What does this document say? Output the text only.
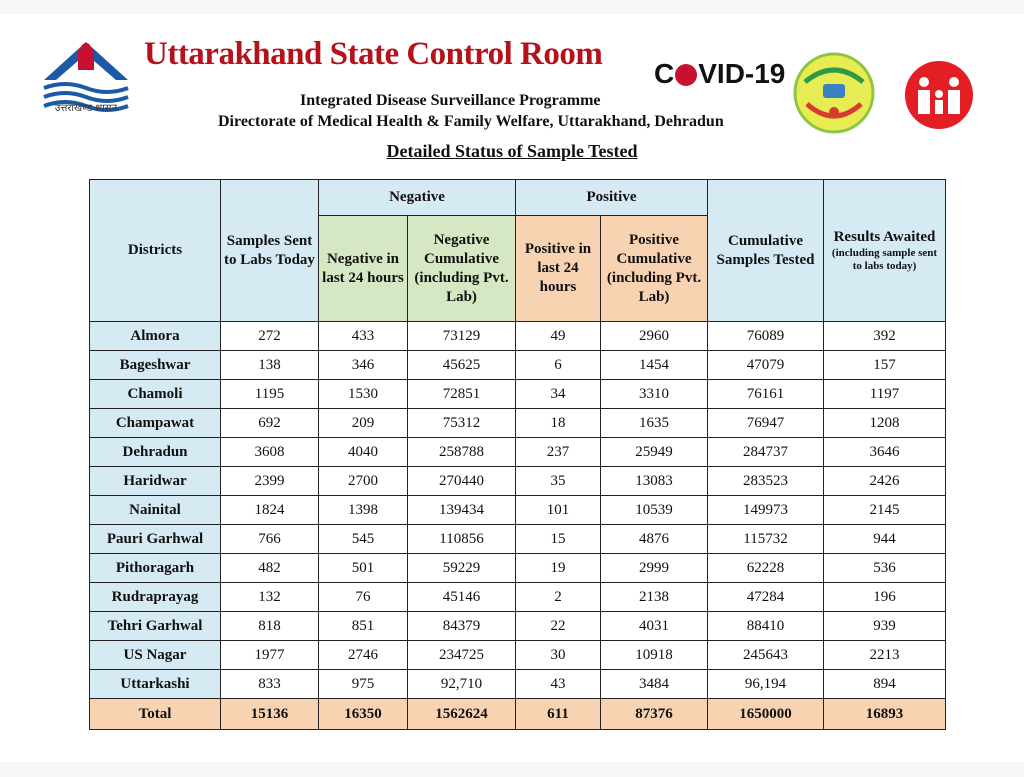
Uttarakhand State Control Room
C VID-19
Integrated Disease Surveillance Programme
Directorate of Medical Health & Family Welfare, Uttarakhand, Dehradun
उत्तराखण्ड शासन
Detailed Status of Sample Tested
Districts	Samples Sent to Labs Today	Negative		Positive		Cumulative Samples Tested	Results Awaited
(including sample sent to labs today)

		Negative in last 24 hours	Negative Cumulative (including Pvt. Lab)	Positive in last 24 hours	Positive Cumulative (including Pvt. Lab)		
Almora	272	433	73129	49	2960	76089	392
Bageshwar	138	346	45625	6	1454	47079	157
Chamoli	1195	1530	72851	34	3310	76161	1197
Champawat	692	209	75312	18	1635	76947	1208
Dehradun	3608	4040	258788	237	25949	284737	3646
Haridwar	2399	2700	270440	35	13083	283523	2426
Nainital	1824	1398	139434	101	10539	149973	2145
Pauri Garhwal	766	545	110856	15	4876	115732	944
Pithoragarh	482	501	59229	19	2999	62228	536
Rudraprayag	132	76	45146	2	2138	47284	196
Tehri Garhwal	818	851	84379	22	4031	88410	939
US Nagar	1977	2746	234725	30	10918	245643	2213
Uttarkashi	833	975	92,710	43	3484	96,194	894
Total	15136	16350	1562624	611	87376	1650000	16893
